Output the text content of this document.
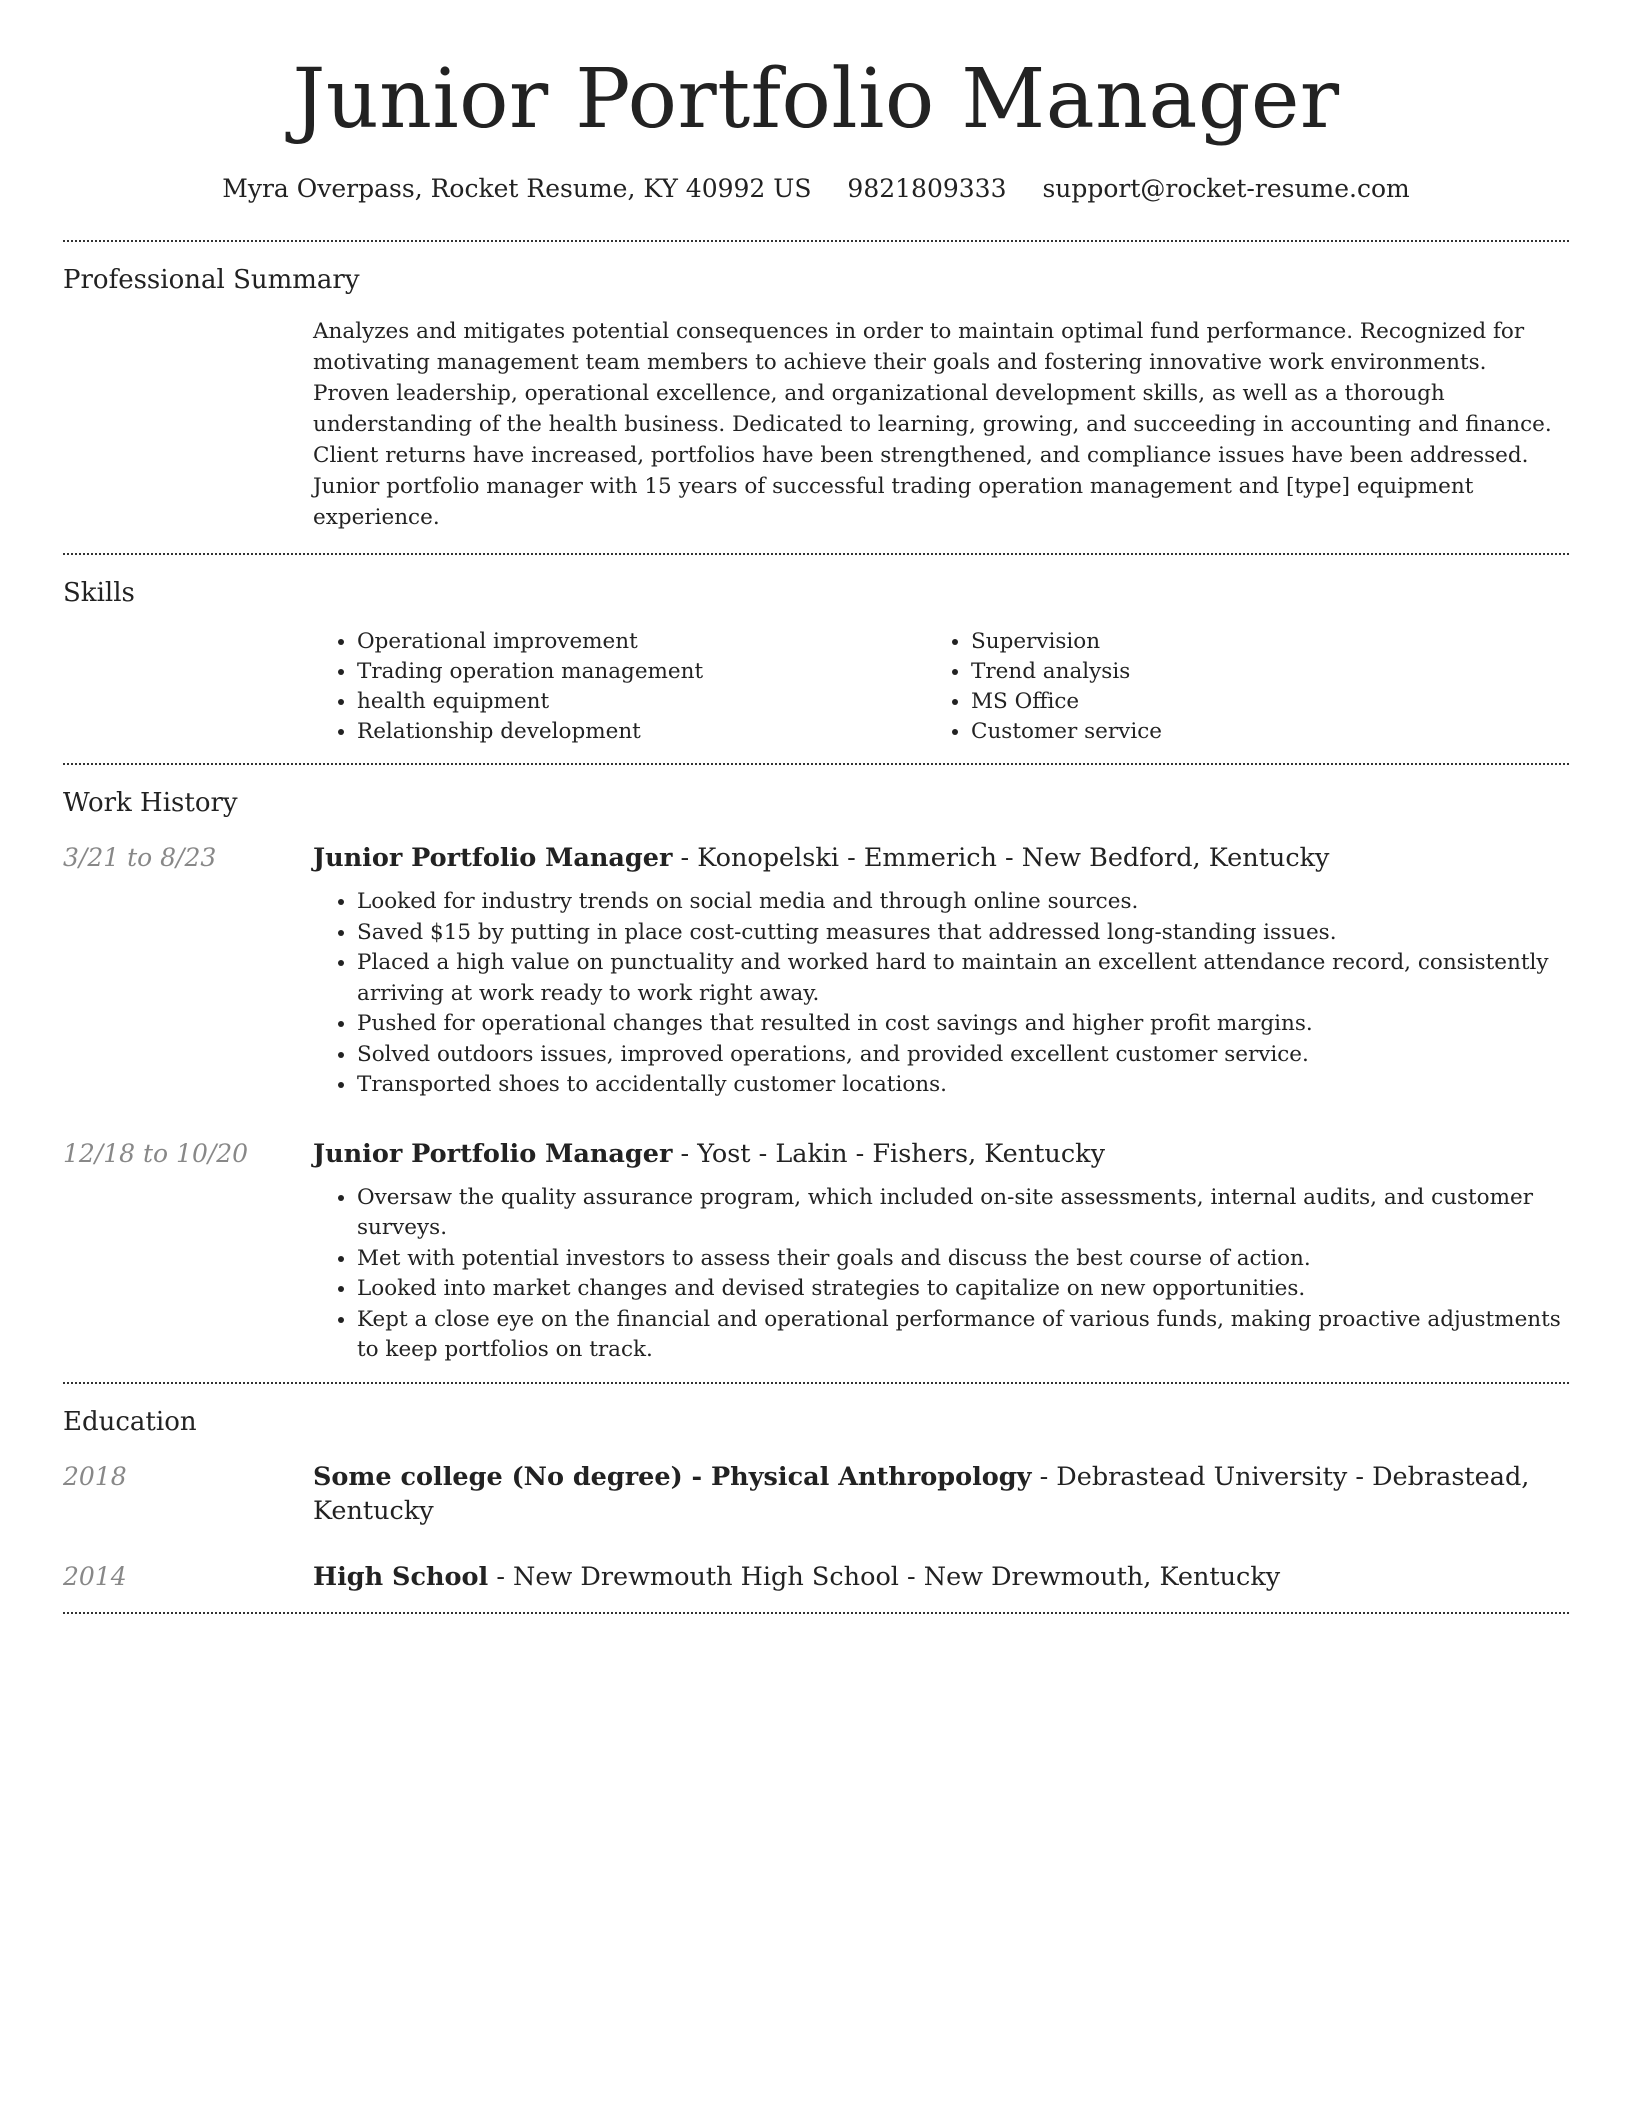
Junior Portfolio Manager
Myra Overpass, Rocket Resume, KY 40992 US 9821809333 support@rocket-resume.com
Professional Summary

Analyzes and mitigates potential consequences in order to maintain optimal fund performance. Recognized for motivating management team members to achieve their goals and fostering innovative work environments. Proven leadership, operational excellence, and organizational development skills, as well as a thorough understanding of the health business. Dedicated to learning, growing, and succeeding in accounting and finance. Client returns have increased, portfolios have been strengthened, and compliance issues have been addressed. Junior portfolio manager with 15 years of successful trading operation management and [type] equipment experience.

Skills
• Operational improvement
• Trading operation management
• health equipment
• Relationship development
• Supervision
• Trend analysis
• MS Office
• Customer service
Work History
3/21 to 8/23	Junior Portfolio Manager - Konopelski - Emmerich - New Bedford, Kentucky
• Looked for industry trends on social media and through online sources.
• Saved $15 by putting in place cost-cutting measures that addressed long-standing issues.
• Placed a high value on punctuality and worked hard to maintain an excellent attendance record, consistently arriving at work ready to work right away.
• Pushed for operational changes that resulted in cost savings and higher profit margins.
• Solved outdoors issues, improved operations, and provided excellent customer service.
• Transported shoes to accidentally customer locations.
12/18 to 10/20	Junior Portfolio Manager - Yost - Lakin - Fishers, Kentucky
• Oversaw the quality assurance program, which included on-site assessments, internal audits, and customer surveys.
• Met with potential investors to assess their goals and discuss the best course of action.
• Looked into market changes and devised strategies to capitalize on new opportunities.
• Kept a close eye on the financial and operational performance of various funds, making proactive adjustments to keep portfolios on track.
Education
2018	Some college (No degree) - Physical Anthropology - Debrastead University - Debrastead, Kentucky
2014	High School - New Drewmouth High School - New Drewmouth, Kentucky
